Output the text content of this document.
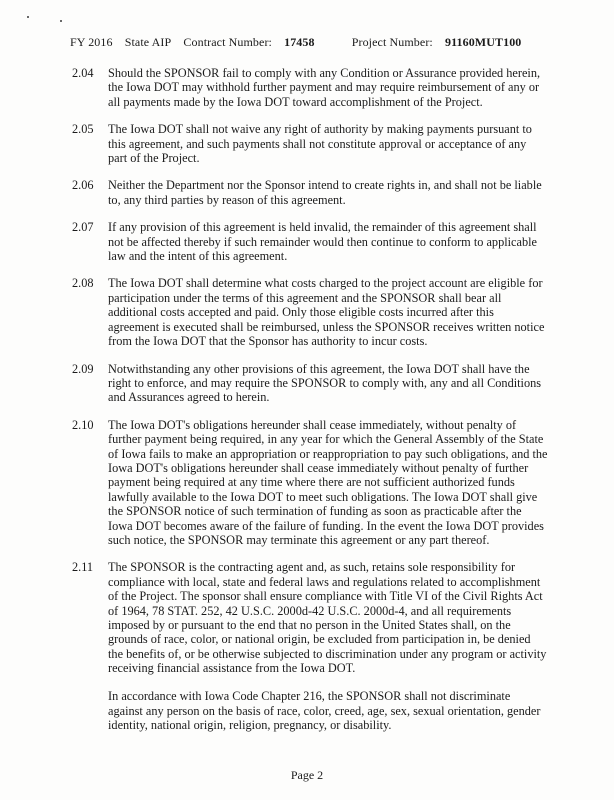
FY 2016 State AIP Contract Number: 17458	Project Number: 91160MUT100
2.04	Should the SPONSOR fail to comply with any Condition or Assurance provided herein, the Iowa DOT may withhold further payment and may require reimbursement of any or all payments made by the Iowa DOT toward accomplishment of the Project.

2.05	The Iowa DOT shall not waive any right of authority by making payments pursuant to this agreement, and such payments shall not constitute approval or acceptance of any part of the Project.

2.06	Neither the Department nor the Sponsor intend to create rights in, and shall not be liable to, any third parties by reason of this agreement.

2.07	If any provision of this agreement is held invalid, the remainder of this agreement shall not be affected thereby if such remainder would then continue to conform to applicable law and the intent of this agreement.

2.08	The Iowa DOT shall determine what costs charged to the project account are eligible for participation under the terms of this agreement and the SPONSOR shall bear all additional costs accepted and paid. Only those eligible costs incurred after this agreement is executed shall be reimbursed, unless the SPONSOR receives written notice from the Iowa DOT that the Sponsor has authority to incur costs.

2.09	Notwithstanding any other provisions of this agreement, the Iowa DOT shall have the right to enforce, and may require the SPONSOR to comply with, any and all Conditions and Assurances agreed to herein.

2.10	The Iowa DOT's obligations hereunder shall cease immediately, without penalty of further payment being required, in any year for which the General Assembly of the State of Iowa fails to make an appropriation or reappropriation to pay such obligations, and the Iowa DOT's obligations hereunder shall cease immediately without penalty of further payment being required at any time where there are not sufficient authorized funds lawfully available to the Iowa DOT to meet such obligations. The Iowa DOT shall give the SPONSOR notice of such termination of funding as soon as practicable after the Iowa DOT becomes aware of the failure of funding. In the event the Iowa DOT provides such notice, the SPONSOR may terminate this agreement or any part thereof.

2.11	The SPONSOR is the contracting agent and, as such, retains sole responsibility for compliance with local, state and federal laws and regulations related to accomplishment of the Project. The sponsor shall ensure compliance with Title VI of the Civil Rights Act of 1964, 78 STAT. 252, 42 U.S.C. 2000d-42 U.S.C. 2000d-4, and all requirements imposed by or pursuant to the end that no person in the United States shall, on the grounds of race, color, or national origin, be excluded from participation in, be denied the benefits of, or be otherwise subjected to discrimination under any program or activity receiving financial assistance from the Iowa DOT.

In accordance with Iowa Code Chapter 216, the SPONSOR shall not discriminate against any person on the basis of race, color, creed, age, sex, sexual orientation, gender identity, national origin, religion, pregnancy, or disability.

Page 2
